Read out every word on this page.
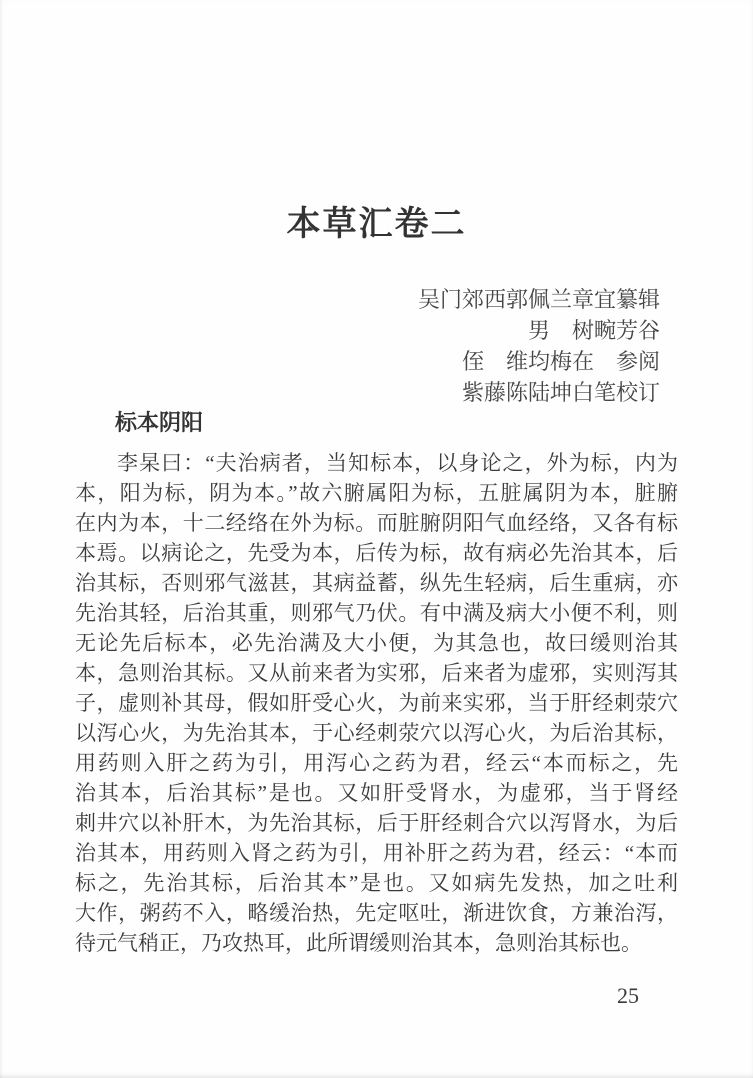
本草汇卷二
吴门郊西郭佩兰章宜纂辑
男　树畹芳谷
侄　维均梅在　参阅
紫藤陈陆坤白笔校订
标本阴阳
李杲曰：“夫治病者，当知标本，以身论之，外为标，内为
本，阳为标，阴为本。”故六腑属阳为标，五脏属阴为本，脏腑
在内为本，十二经络在外为标。而脏腑阴阳气血经络，又各有标
本焉。以病论之，先受为本，后传为标，故有病必先治其本，后
治其标，否则邪气滋甚，其病益蓄，纵先生轻病，后生重病，亦
先治其轻，后治其重，则邪气乃伏。有中满及病大小便不利，则
无论先后标本，必先治满及大小便，为其急也，故曰缓则治其
本，急则治其标。又从前来者为实邪，后来者为虚邪，实则泻其
子，虚则补其母，假如肝受心火，为前来实邪，当于肝经刺荥穴
以泻心火，为先治其本，于心经刺荥穴以泻心火，为后治其标，
用药则入肝之药为引，用泻心之药为君，经云“本而标之，先
治其本，后治其标”是也。又如肝受肾水，为虚邪，当于肾经
刺井穴以补肝木，为先治其标，后于肝经刺合穴以泻肾水，为后
治其本，用药则入肾之药为引，用补肝之药为君，经云：“本而
标之，先治其标，后治其本”是也。又如病先发热，加之吐利
大作，粥药不入，略缓治热，先定呕吐，渐进饮食，方兼治泻，
待元气稍正，乃攻热耳，此所谓缓则治其本，急则治其标也。
25
